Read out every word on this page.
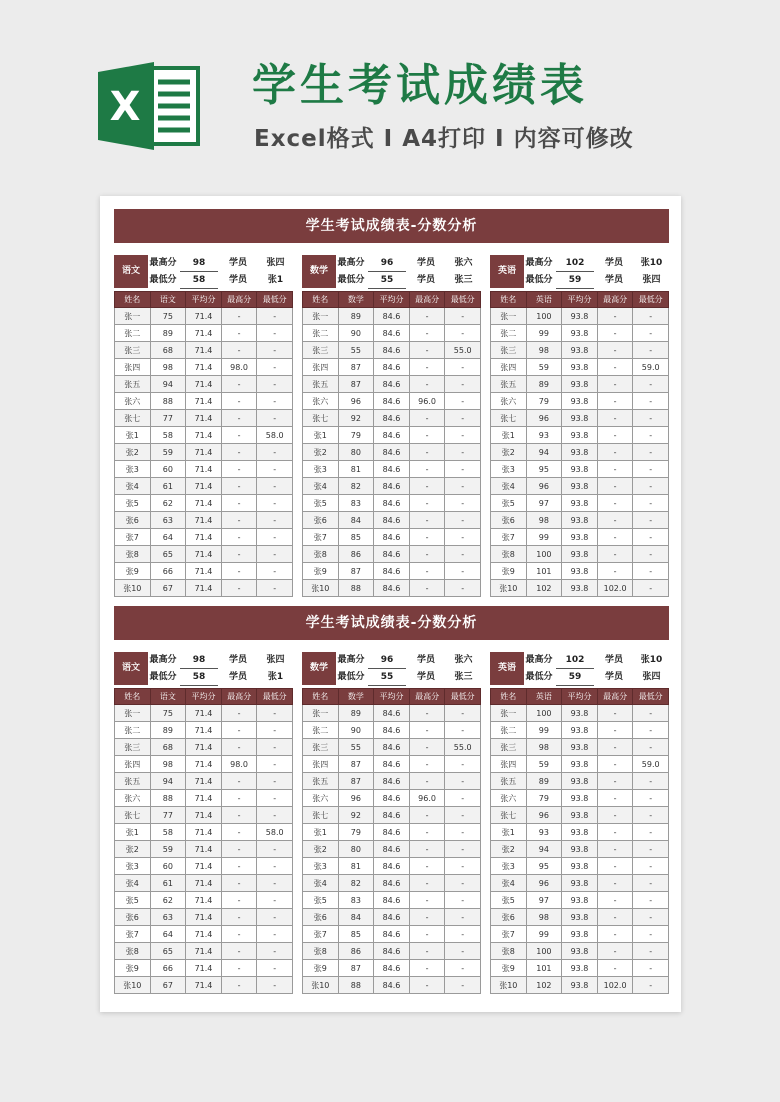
X	学生考试成绩表
Excel格式 I A4打印 I 内容可修改
学生考试成绩表-分数分析
语文
最高分	98	学员	张四
最低分	58	学员	张1
姓名	语文	平均分	最高分	最低分
张一	75	71.4	-	-
张二	89	71.4	-	-
张三	68	71.4	-	-
张四	98	71.4	98.0	-
张五	94	71.4	-	-
张六	88	71.4	-	-
张七	77	71.4	-	-
张1	58	71.4	-	58.0
张2	59	71.4	-	-
张3	60	71.4	-	-
张4	61	71.4	-	-
张5	62	71.4	-	-
张6	63	71.4	-	-
张7	64	71.4	-	-
张8	65	71.4	-	-
张9	66	71.4	-	-
张10	67	71.4	-	-
数学
最高分	96	学员	张六
最低分	55	学员	张三
姓名	数学	平均分	最高分	最低分
张一	89	84.6	-	-
张二	90	84.6	-	-
张三	55	84.6	-	55.0
张四	87	84.6	-	-
张五	87	84.6	-	-
张六	96	84.6	96.0	-
张七	92	84.6	-	-
张1	79	84.6	-	-
张2	80	84.6	-	-
张3	81	84.6	-	-
张4	82	84.6	-	-
张5	83	84.6	-	-
张6	84	84.6	-	-
张7	85	84.6	-	-
张8	86	84.6	-	-
张9	87	84.6	-	-
张10	88	84.6	-	-
英语
最高分	102	学员	张10
最低分	59	学员	张四
姓名	英语	平均分	最高分	最低分
张一	100	93.8	-	-
张二	99	93.8	-	-
张三	98	93.8	-	-
张四	59	93.8	-	59.0
张五	89	93.8	-	-
张六	79	93.8	-	-
张七	96	93.8	-	-
张1	93	93.8	-	-
张2	94	93.8	-	-
张3	95	93.8	-	-
张4	96	93.8	-	-
张5	97	93.8	-	-
张6	98	93.8	-	-
张7	99	93.8	-	-
张8	100	93.8	-	-
张9	101	93.8	-	-
张10	102	93.8	102.0	-
学生考试成绩表-分数分析
语文
最高分	98	学员	张四
最低分	58	学员	张1
姓名	语文	平均分	最高分	最低分
张一	75	71.4	-	-
张二	89	71.4	-	-
张三	68	71.4	-	-
张四	98	71.4	98.0	-
张五	94	71.4	-	-
张六	88	71.4	-	-
张七	77	71.4	-	-
张1	58	71.4	-	58.0
张2	59	71.4	-	-
张3	60	71.4	-	-
张4	61	71.4	-	-
张5	62	71.4	-	-
张6	63	71.4	-	-
张7	64	71.4	-	-
张8	65	71.4	-	-
张9	66	71.4	-	-
张10	67	71.4	-	-
数学
最高分	96	学员	张六
最低分	55	学员	张三
姓名	数学	平均分	最高分	最低分
张一	89	84.6	-	-
张二	90	84.6	-	-
张三	55	84.6	-	55.0
张四	87	84.6	-	-
张五	87	84.6	-	-
张六	96	84.6	96.0	-
张七	92	84.6	-	-
张1	79	84.6	-	-
张2	80	84.6	-	-
张3	81	84.6	-	-
张4	82	84.6	-	-
张5	83	84.6	-	-
张6	84	84.6	-	-
张7	85	84.6	-	-
张8	86	84.6	-	-
张9	87	84.6	-	-
张10	88	84.6	-	-
英语
最高分	102	学员	张10
最低分	59	学员	张四
姓名	英语	平均分	最高分	最低分
张一	100	93.8	-	-
张二	99	93.8	-	-
张三	98	93.8	-	-
张四	59	93.8	-	59.0
张五	89	93.8	-	-
张六	79	93.8	-	-
张七	96	93.8	-	-
张1	93	93.8	-	-
张2	94	93.8	-	-
张3	95	93.8	-	-
张4	96	93.8	-	-
张5	97	93.8	-	-
张6	98	93.8	-	-
张7	99	93.8	-	-
张8	100	93.8	-	-
张9	101	93.8	-	-
张10	102	93.8	102.0	-
